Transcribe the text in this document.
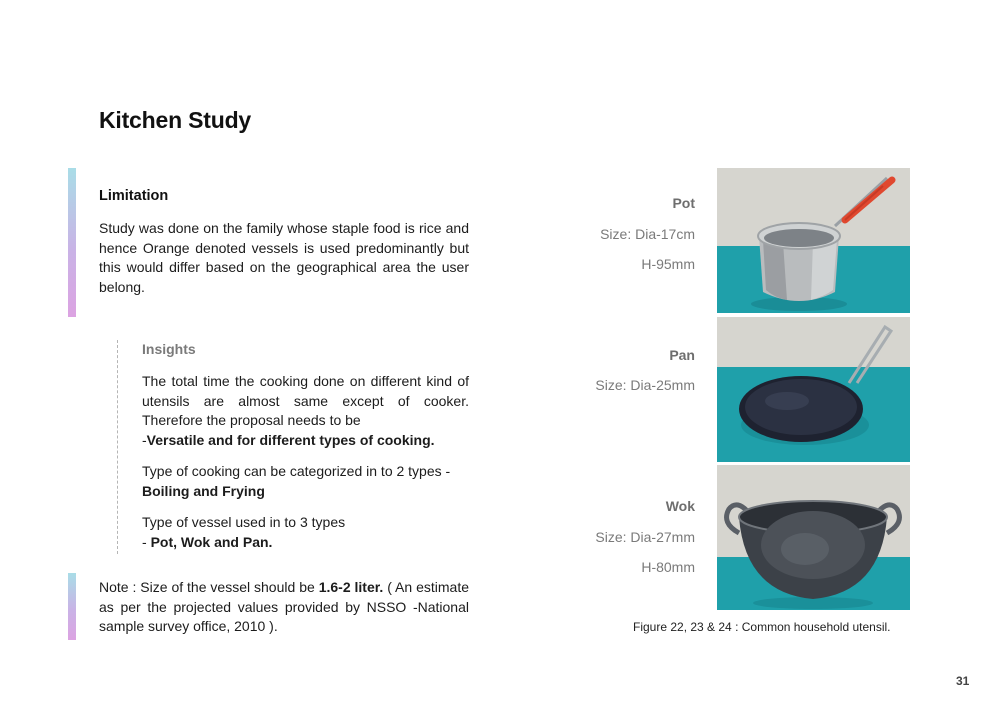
Kitchen Study
Limitation

Study was done on the family whose staple food is rice and hence Orange denoted vessels is used predominantly but this would differ based on the geographical area the user belong.

Insights

The total time the cooking done on different kind of utensils are almost same except of cooker. Therefore the proposal needs to be
-Versatile and for different types of cooking.

Type of cooking can be categorized in to 2 types -
Boiling and Frying

Type of vessel used in to 3 types
- Pot, Wok and Pan.

Note : Size of the vessel should be 1.6-2 liter. ( An estimate as per the projected values provided by NSSO -National sample survey office, 2010 ).

Pot

Size: Dia-17cm

H-95mm

Pan

Size: Dia-25mm

Wok

Size: Dia-27mm

H-80mm

Figure 22, 23 & 24 : Common household utensil.

31
